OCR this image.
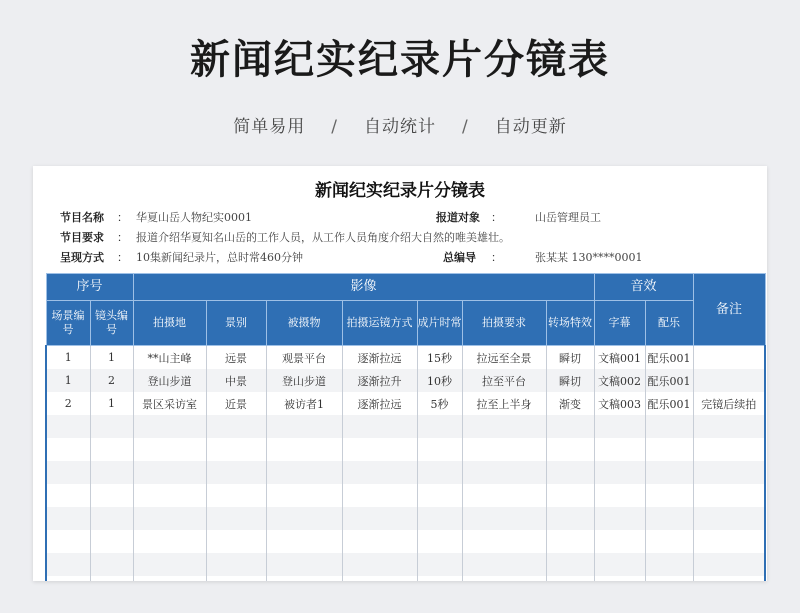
新闻纪实纪录片分镜表
简单易用 / 自动统计 / 自动更新
新闻纪实纪录片分镜表
节目名称 ： 华夏山岳人物纪实0001	报道对象 ：	山岳管理员工
节目要求 ： 报道介绍华夏知名山岳的工作人员，从工作人员角度介绍大自然的唯美雄壮。
呈现方式 ： 10集新闻纪录片，总时常460分钟	总编导 ：	张某某 130****0001
序号		影像							音效		备注
场景编号	镜头编号	拍摄地	景别	被摄物	拍摄运镜方式	成片时常	拍摄要求	转场特效	字幕	配乐	
1	1	**山主峰	远景	观景平台	逐渐拉远	15秒	拉远至全景	瞬切	文稿001	配乐001	
1	2	登山步道	中景	登山步道	逐渐拉升	10秒	拉至平台	瞬切	文稿002	配乐001	
2	1	景区采访室	近景	被访者1	逐渐拉远	5秒	拉至上半身	渐变	文稿003	配乐001	完镜后续拍
